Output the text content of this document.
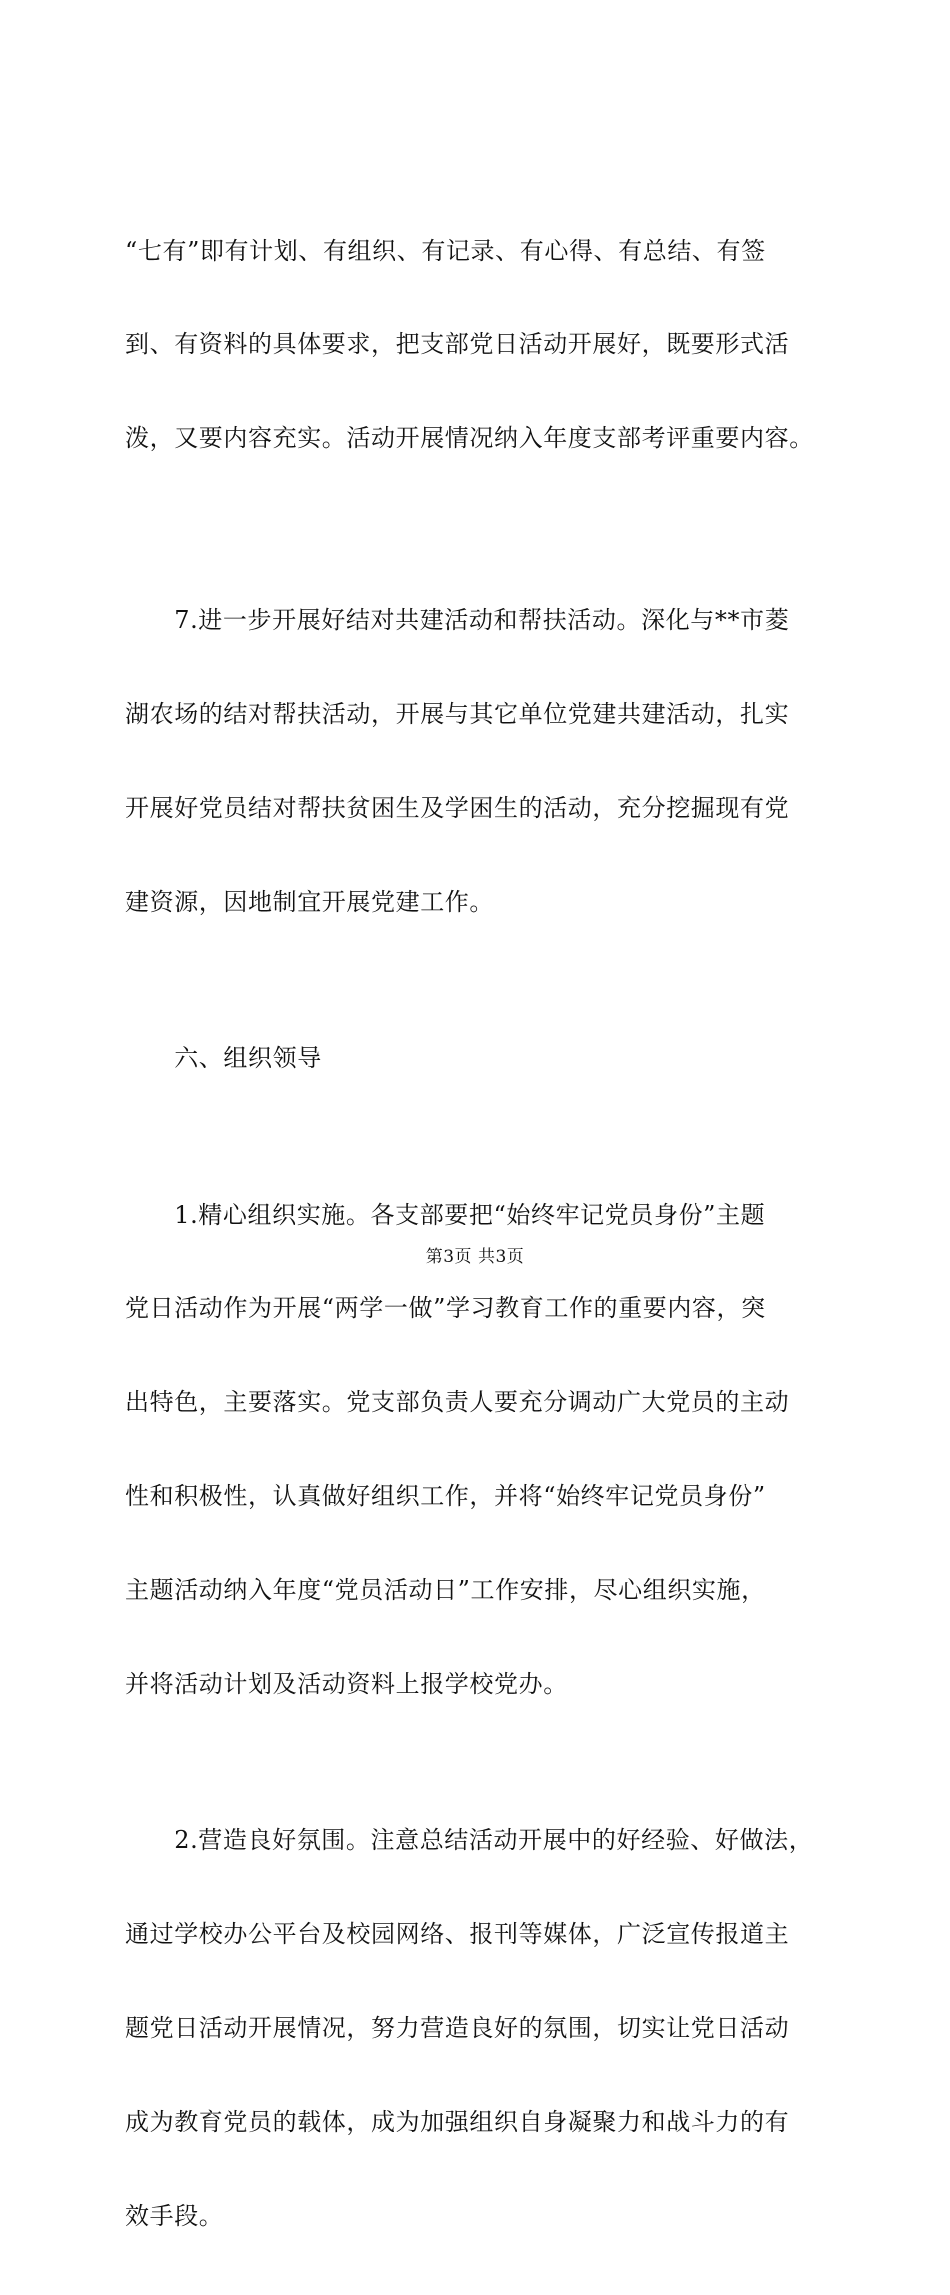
“七有”即有计划、有组织、有记录、有心得、有总结、有签

到、有资料的具体要求，把支部党日活动开展好，既要形式活

泼，又要内容充实。活动开展情况纳入年度支部考评重要内容。

　　7.进一步开展好结对共建活动和帮扶活动。深化与**市菱

湖农场的结对帮扶活动，开展与其它单位党建共建活动，扎实

开展好党员结对帮扶贫困生及学困生的活动，充分挖掘现有党

建资源，因地制宜开展党建工作。

　　六、组织领导

　　1.精心组织实施。各支部要把“始终牢记党员身份”主题

党日活动作为开展“两学一做”学习教育工作的重要内容，突

出特色，主要落实。党支部负责人要充分调动广大党员的主动

性和积极性，认真做好组织工作，并将“始终牢记党员身份”

主题活动纳入年度“党员活动日”工作安排，尽心组织实施，

并将活动计划及活动资料上报学校党办。

　　2.营造良好氛围。注意总结活动开展中的好经验、好做法，

通过学校办公平台及校园网络、报刊等媒体，广泛宣传报道主

题党日活动开展情况，努力营造良好的氛围，切实让党日活动

成为教育党员的载体，成为加强组织自身凝聚力和战斗力的有

效手段。

第3页 共3页
